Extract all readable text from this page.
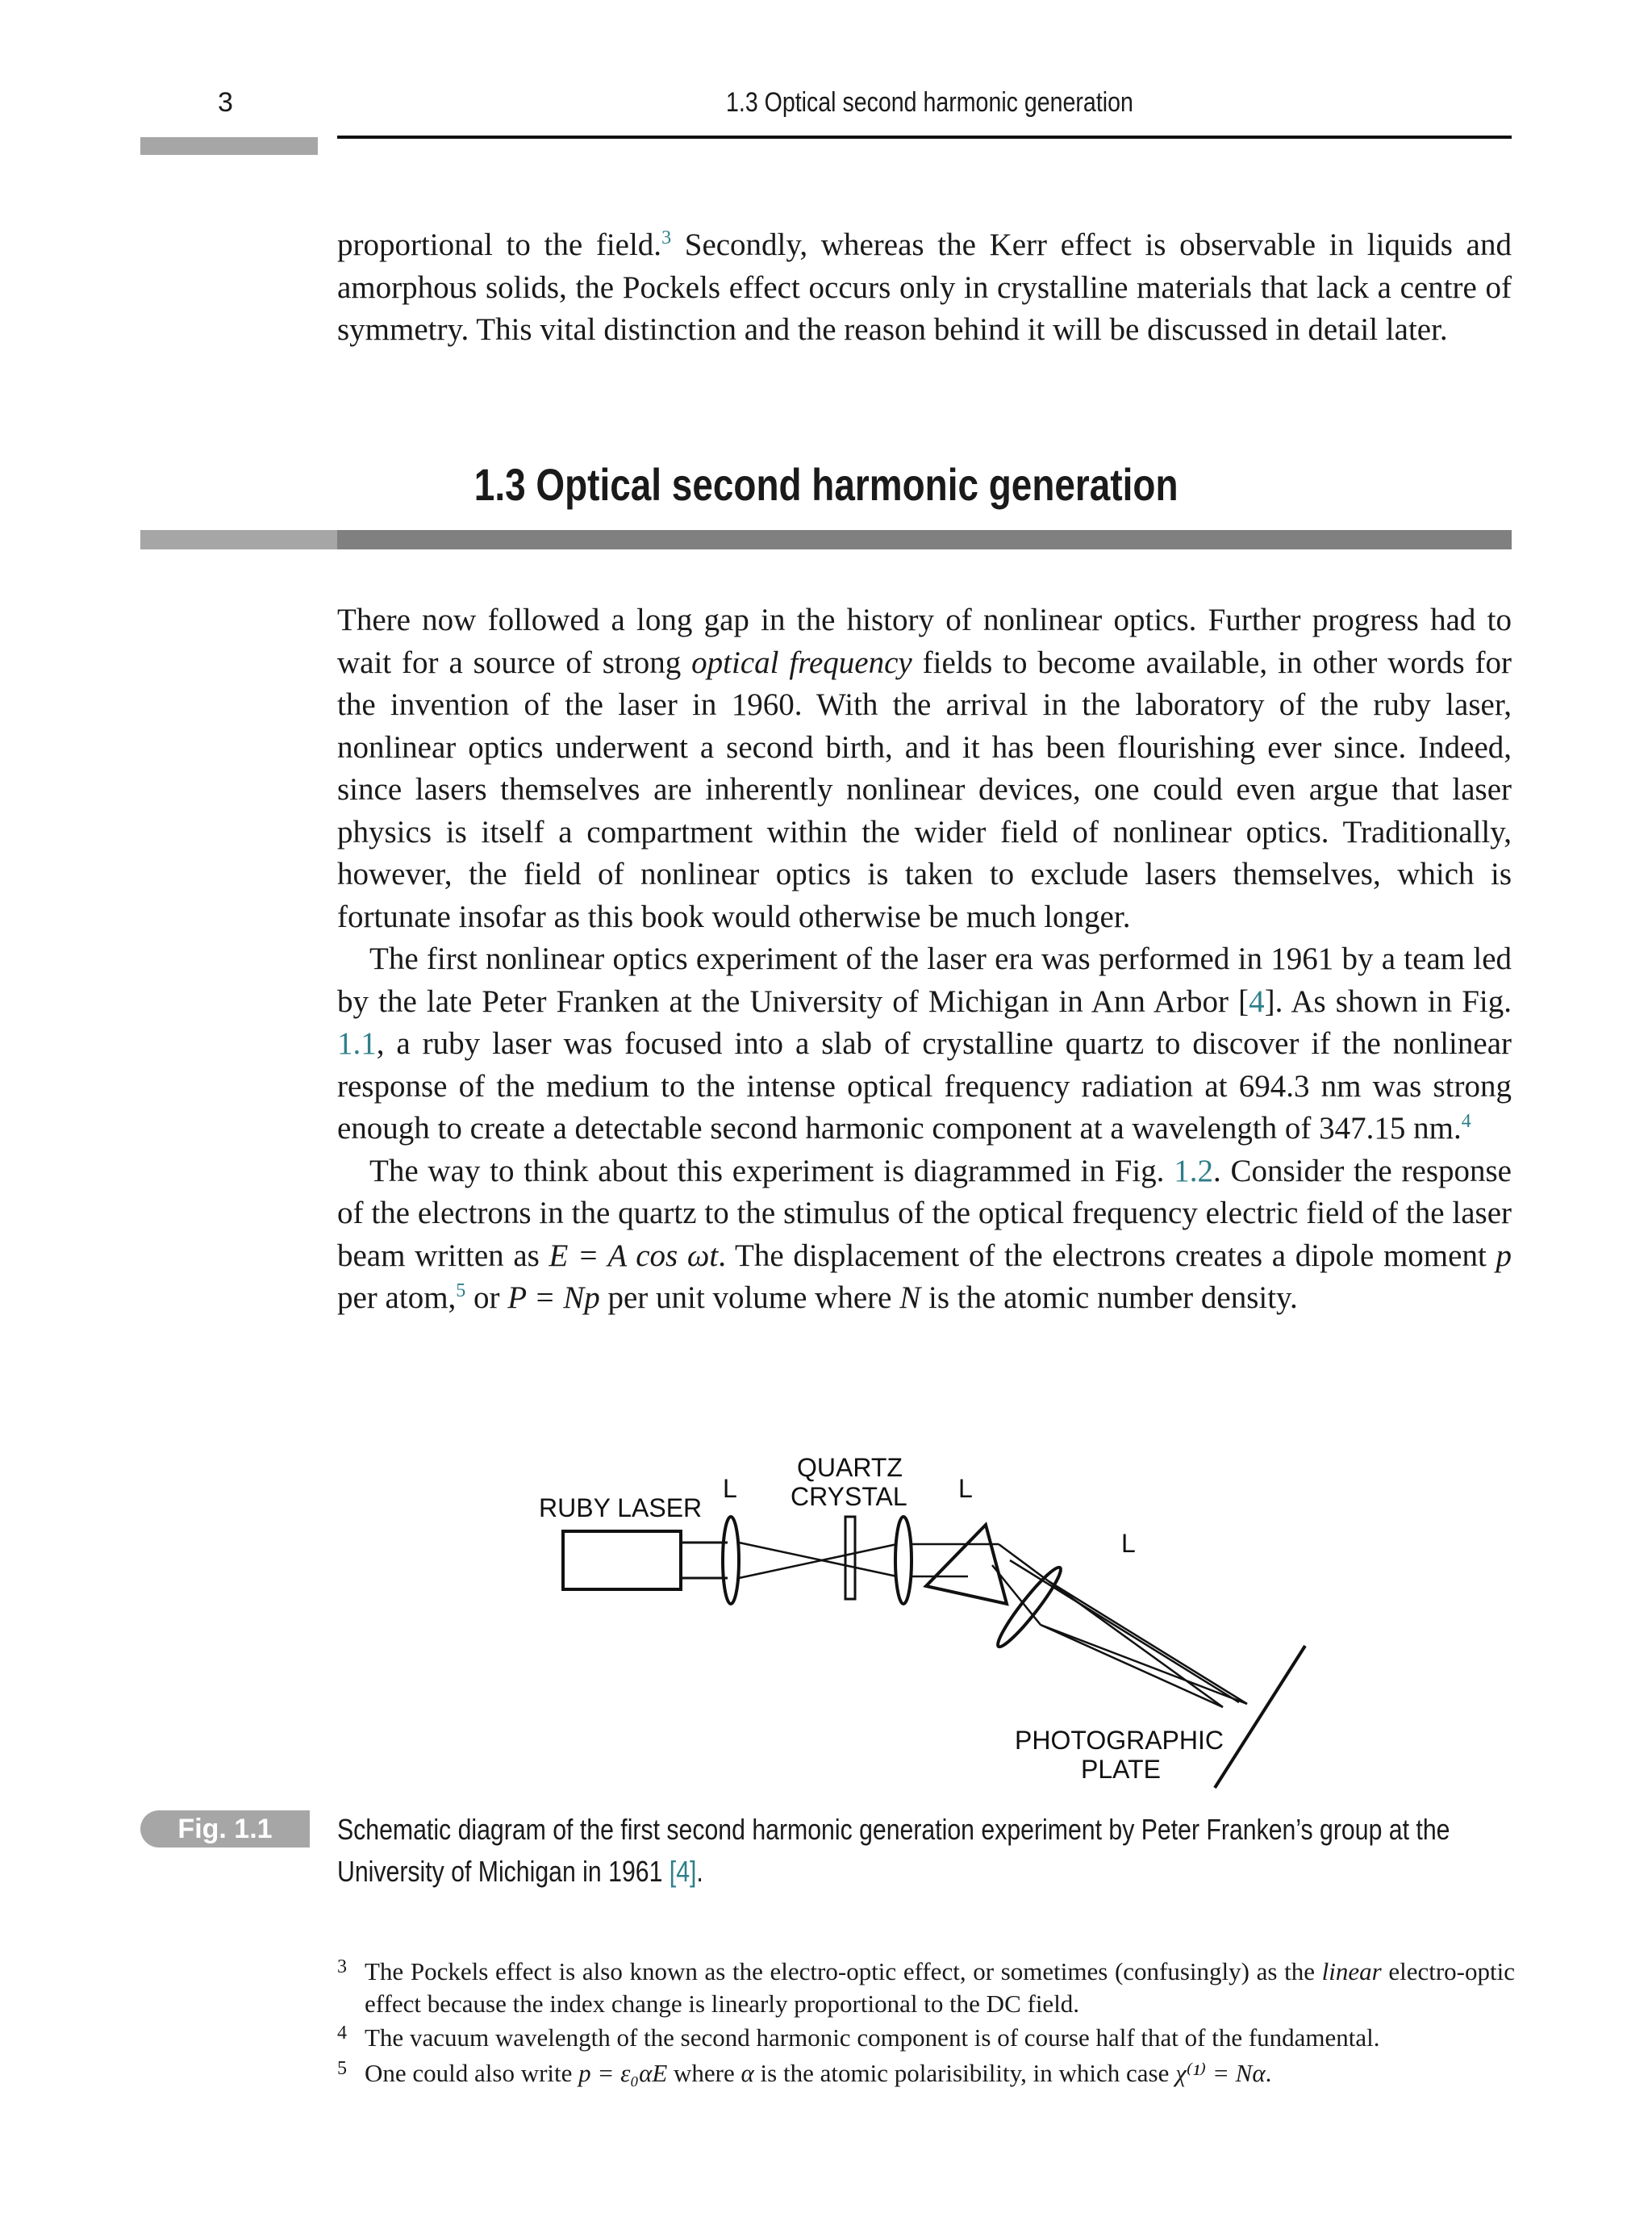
3	1.3 Optical second harmonic generation

proportional to the field.$^3$ Secondly, whereas the Kerr effect is observable in liquids and amorphous solids, the Pockels effect occurs only in crystalline materials that lack a centre of symmetry. This vital distinction and the reason behind it will be discussed in detail later.

1.3 Optical second harmonic generation

There now followed a long gap in the history of nonlinear optics. Further progress had to wait for a source of strong optical frequency fields to become available, in other words for the invention of the laser in 1960. With the arrival in the laboratory of the ruby laser, nonlinear optics underwent a second birth, and it has been flourishing ever since. Indeed, since lasers themselves are inherently nonlinear devices, one could even argue that laser physics is itself a compartment within the wider field of nonlinear optics. Traditionally, however, the field of nonlinear optics is taken to exclude lasers themselves, which is fortunate insofar as this book would otherwise be much longer.

The first nonlinear optics experiment of the laser era was performed in 1961 by a team led by the late Peter Franken at the University of Michigan in Ann Arbor [4]. As shown in Fig. 1.1, a ruby laser was focused into a slab of crystalline quartz to discover if the nonlinear response of the medium to the intense optical frequency radiation at 694.3 nm was strong enough to create a detectable second harmonic component at a wavelength of 347.15 nm.$^4$

The way to think about this experiment is diagrammed in Fig. 1.2. Consider the response of the electrons in the quartz to the stimulus of the optical frequency electric field of the laser beam written as E = A cos ωt. The displacement of the electrons creates a dipole moment p per atom,$^5$ or P = Np per unit volume where N is the atomic number density.

RUBY LASER
L
QUARTZ
CRYSTAL L
L
PHOTOGRAPHIC
PLATE
Fig. 1.1	Schematic diagram of the first second harmonic generation experiment by Peter Franken’s group at the University of Michigan in 1961 [4].
3 The Pockels effect is also known as the electro-optic effect, or sometimes (confusingly) as the linear electro-optic effect because the index change is linearly proportional to the DC field.
4 The vacuum wavelength of the second harmonic component is of course half that of the fundamental.
5 One could also write p = ε₀αE where α is the atomic polarisibility, in which case χ⁽¹⁾ = Nα.
